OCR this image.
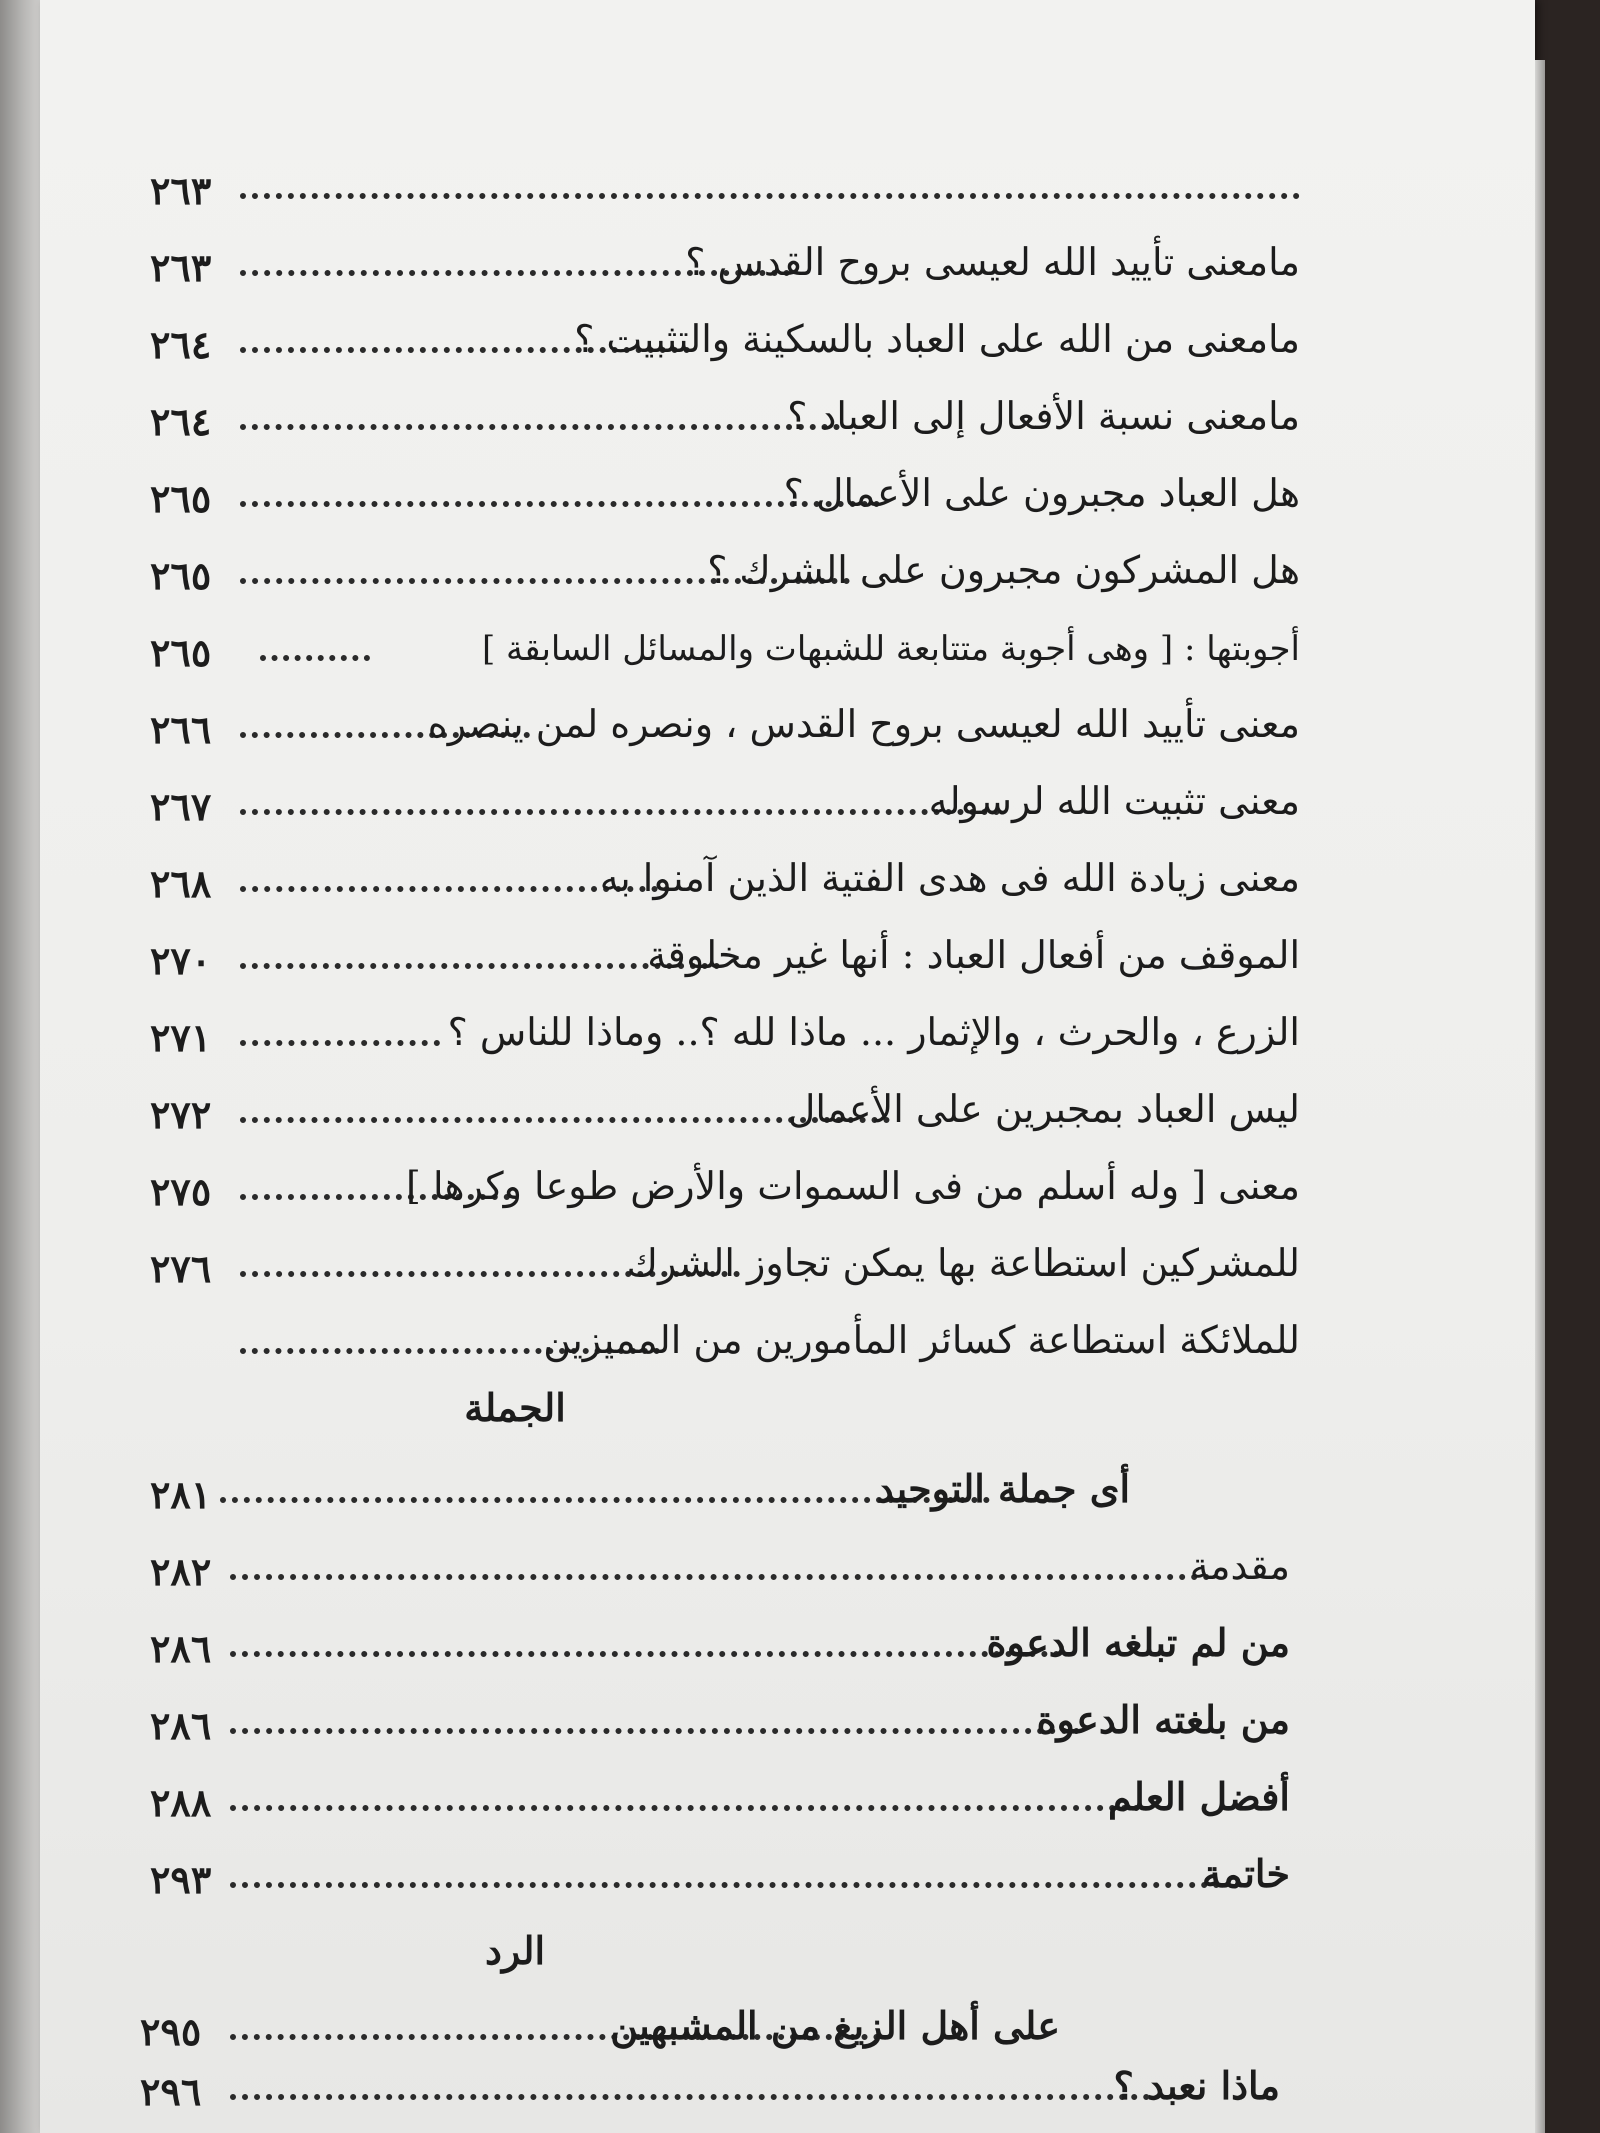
٢٦٣
٢٦٣	مامعنى تأييد الله لعيسى بروح القدس ؟
٢٦٤	مامعنى من الله على العباد بالسكينة والتثبيت ؟
٢٦٤	مامعنى نسبة الأفعال إلى العباد ؟
٢٦٥	هل العباد مجبرون على الأعمال ؟
٢٦٥	هل المشركون مجبرون على الشرك ؟
٢٦٥	أجوبتها : [ وهى أجوبة متتابعة للشبهات والمسائل السابقة ]
٢٦٦	معنى تأييد الله لعيسى بروح القدس ، ونصره لمن ينصره
٢٦٧	معنى تثبيت الله لرسوله
٢٦٨	معنى زيادة الله فى هدى الفتية الذين آمنوا به
٢٧٠	الموقف من أفعال العباد : أنها غير مخلوقة
٢٧١	الزرع ، والحرث ، والإثمار ... ماذا لله ؟.. وماذا للناس ؟
٢٧٢	ليس العباد بمجبرين على الأعمال
٢٧٥	معنى [ وله أسلم من فى السموات والأرض طوعا وكرها ]
٢٧٦	للمشركين استطاعة بها يمكن تجاوز الشرك
للملائكة استطاعة كسائر المأمورين من المميزين
الجملة
٢٨١	أى جملة التوحيد
٢٨٢	مقدمة
٢٨٦	من لم تبلغه الدعوة
٢٨٦	من بلغته الدعوة
٢٨٨	أفضل العلم
٢٩٣	خاتمة
الرد
٢٩٥	على أهل الزيغ من المشبهين
٢٩٦	ماذا نعبد ؟
